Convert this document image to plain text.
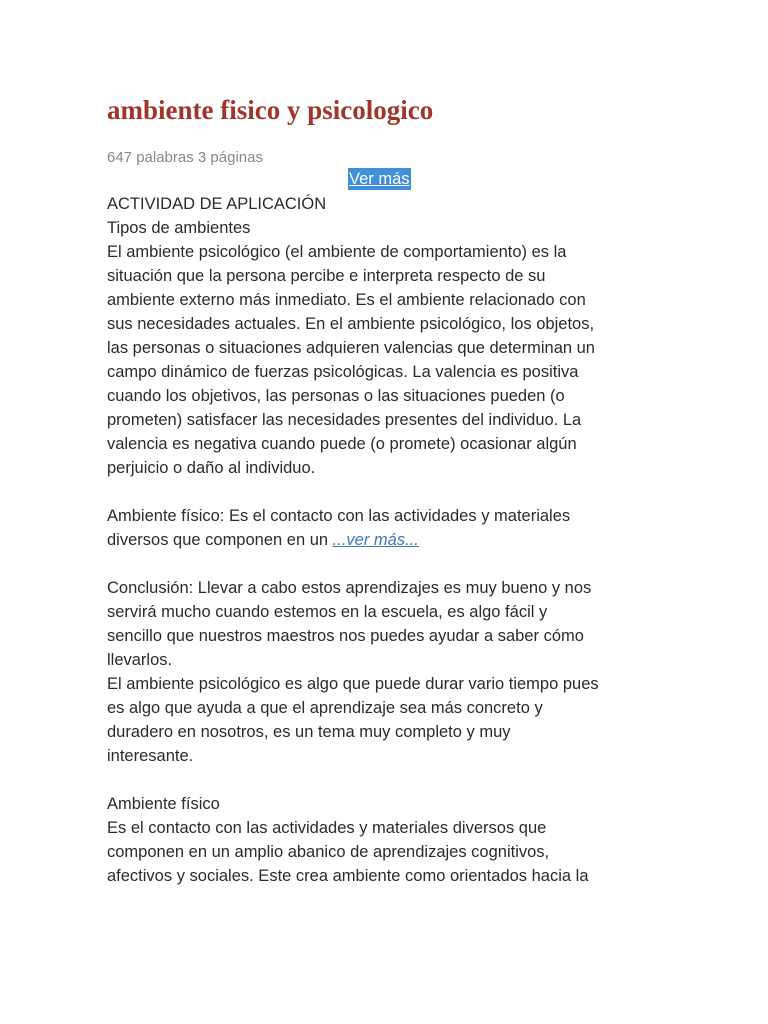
ambiente fisico y psicologico
647 palabras 3 páginas
Ver más
ACTIVIDAD DE APLICACIÓN
Tipos de ambientes
El ambiente psicológico (el ambiente de comportamiento) es la
situación que la persona percibe e interpreta respecto de su
ambiente externo más inmediato. Es el ambiente relacionado con
sus necesidades actuales. En el ambiente psicológico, los objetos,
las personas o situaciones adquieren valencias que determinan un
campo dinámico de fuerzas psicológicas. La valencia es positiva
cuando los objetivos, las personas o las situaciones pueden (o
prometen) satisfacer las necesidades presentes del individuo. La
valencia es negativa cuando puede (o promete) ocasionar algún
perjuicio o daño al individuo.
Ambiente físico: Es el contacto con las actividades y materiales
diversos que componen en un ...ver más...
Conclusión: Llevar a cabo estos aprendizajes es muy bueno y nos
servirá mucho cuando estemos en la escuela, es algo fácil y
sencillo que nuestros maestros nos puedes ayudar a saber cómo
llevarlos.
El ambiente psicológico es algo que puede durar vario tiempo pues
es algo que ayuda a que el aprendizaje sea más concreto y
duradero en nosotros, es un tema muy completo y muy
interesante.
Ambiente físico
Es el contacto con las actividades y materiales diversos que
componen en un amplio abanico de aprendizajes cognitivos,
afectivos y sociales. Este crea ambiente como orientados hacia la
